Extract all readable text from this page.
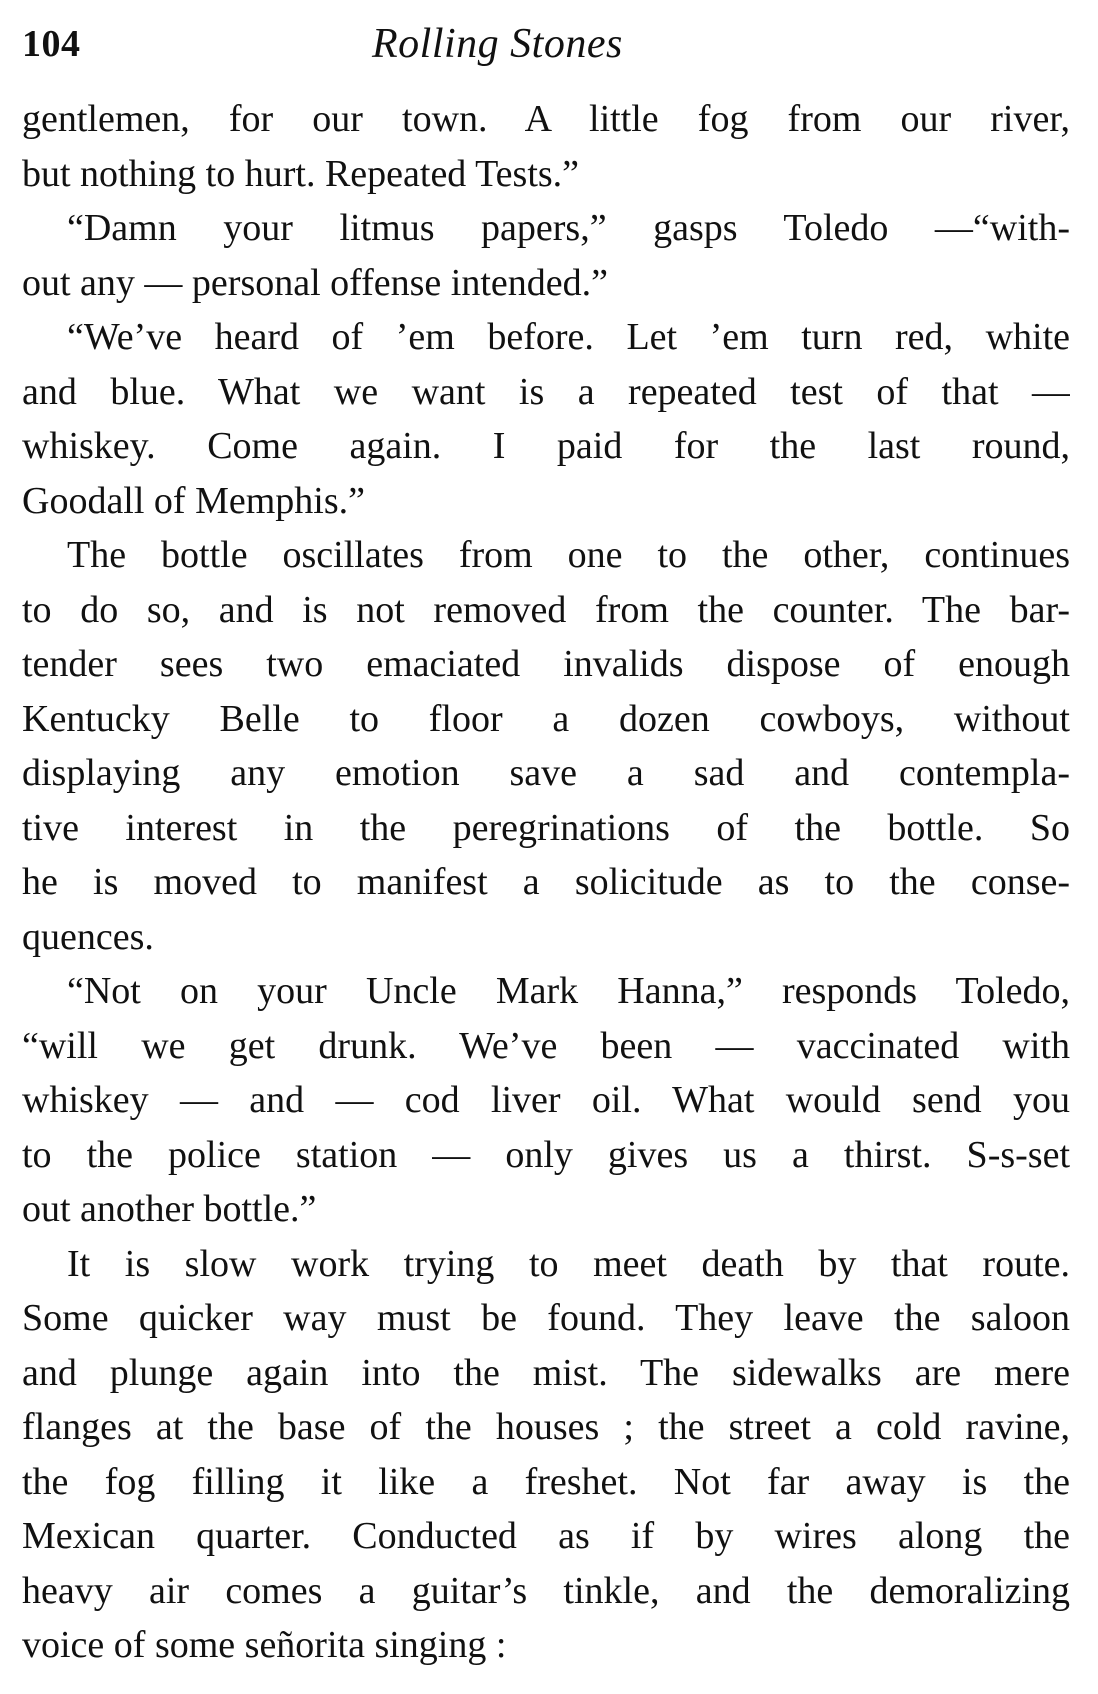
104	Rolling Stones
gentlemen, for our town. A little fog from our river,
but nothing to hurt. Repeated Tests.”
“Damn your litmus papers,” gasps Toledo —“with-
out any — personal offense intended.”
“We’ve heard of ’em before. Let ’em turn red, white
and blue. What we want is a repeated test of that —
whiskey. Come again. I paid for the last round,
Goodall of Memphis.”
The bottle oscillates from one to the other, continues
to do so, and is not removed from the counter. The bar-
tender sees two emaciated invalids dispose of enough
Kentucky Belle to floor a dozen cowboys, without
displaying any emotion save a sad and contempla-
tive interest in the peregrinations of the bottle. So
he is moved to manifest a solicitude as to the conse-
quences.
“Not on your Uncle Mark Hanna,” responds Toledo,
“will we get drunk. We’ve been — vaccinated with
whiskey — and — cod liver oil. What would send you
to the police station — only gives us a thirst. S-s-set
out another bottle.”
It is slow work trying to meet death by that route.
Some quicker way must be found. They leave the saloon
and plunge again into the mist. The sidewalks are mere
flanges at the base of the houses ; the street a cold ravine,
the fog filling it like a freshet. Not far away is the
Mexican quarter. Conducted as if by wires along the
heavy air comes a guitar’s tinkle, and the demoralizing
voice of some señorita singing :
